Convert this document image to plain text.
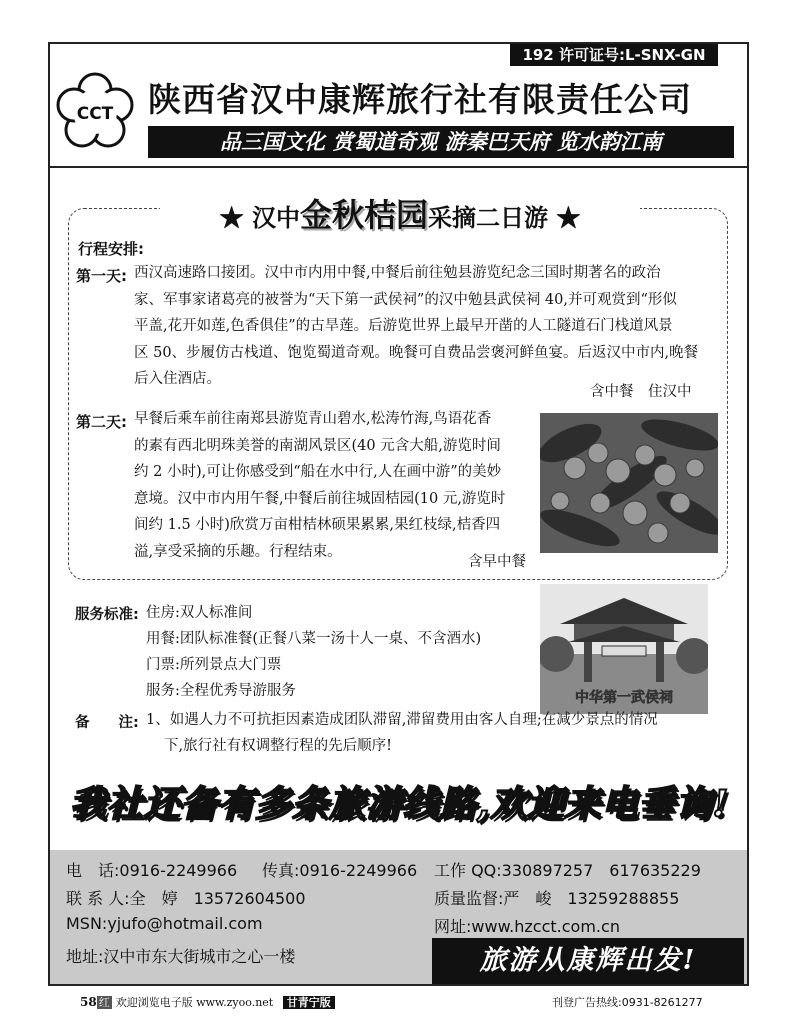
192 许可证号:L-SNX-GN
CCT 陕西省汉中康辉旅行社有限责任公司
品三国文化 赏蜀道奇观 游秦巴天府 览水韵江南
★ 汉中金秋桔园采摘二日游 ★
行程安排:
第一天: 西汉高速路口接团。汉中市内用中餐,中餐后前往勉县游览纪念三国时期著名的政治
家、军事家诸葛亮的被誉为“天下第一武侯祠”的汉中勉县武侯祠 40,并可观赏到“形似
平盖,花开如莲,色香俱佳”的古旱莲。后游览世界上最早开凿的人工隧道石门栈道风景
区 50、步履仿古栈道、饱览蜀道奇观。晚餐可自费品尝褒河鲜鱼宴。后返汉中市内,晚餐
后入住酒店。
含中餐　住汉中
第二天: 早餐后乘车前往南郑县游览青山碧水,松涛竹海,鸟语花香
的素有西北明珠美誉的南湖风景区(40 元含大船,游览时间
约 2 小时),可让你感受到“船在水中行,人在画中游”的美妙
意境。汉中市内用午餐,中餐后前往城固桔园(10 元,游览时
间约 1.5 小时)欣赏万亩柑桔林硕果累累,果红枝绿,桔香四
溢,享受采摘的乐趣。行程结束。
含早中餐
中华第一武侯祠
服务标准: 住房:双人标准间
用餐:团队标准餐(正餐八菜一汤十人一桌、不含酒水)
门票:所列景点大门票
服务:全程优秀导游服务
备　　注: 1、如遇人力不可抗拒因素造成团队滞留,滞留费用由客人自理;在减少景点的情况
下,旅行社有权调整行程的先后顺序!
我社还备有多条旅游线路,欢迎来电垂询!
电　话:0916-2249966 传真:0916-2249966 工作 QQ:330897257　617635229
联 系 人:全　婷　13572604500	质量监督:严　峻　13259288855
MSN:yjufo@hotmail.com	网址:www.hzcct.com.cn
地址:汉中市东大街城市之心一楼	旅游从康辉出发!
58 红 欢迎浏览电子版 www.zyoo.net 甘青宁版	刊登广告热线:0931-8261277
